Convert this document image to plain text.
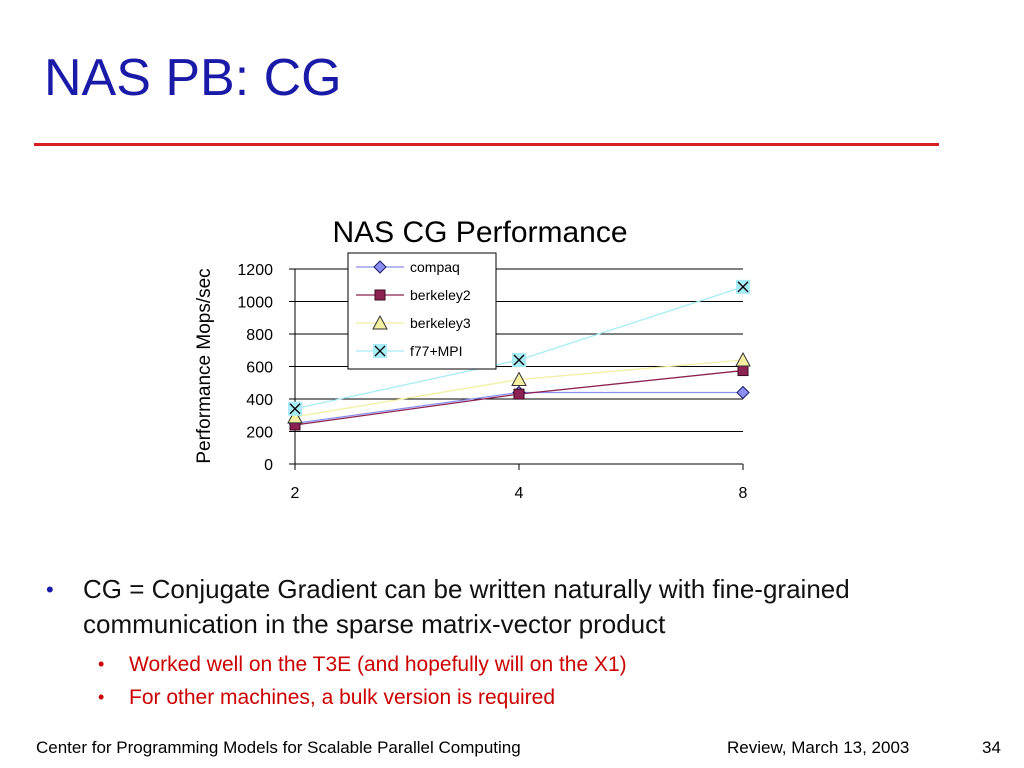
NAS PB: CG
NAS CG Performance
Performance Mops/sec
0
200
400
600
800
1000
1200
2	4	8
compaq
berkeley2
berkeley3
f77+MPI
• CG = Conjugate Gradient can be written naturally with fine-grained communication in the sparse matrix-vector product
• Worked well on the T3E (and hopefully will on the X1)
• For other machines, a bulk version is required
Center for Programming Models for Scalable Parallel Computing	Review, March 13, 2003	34
